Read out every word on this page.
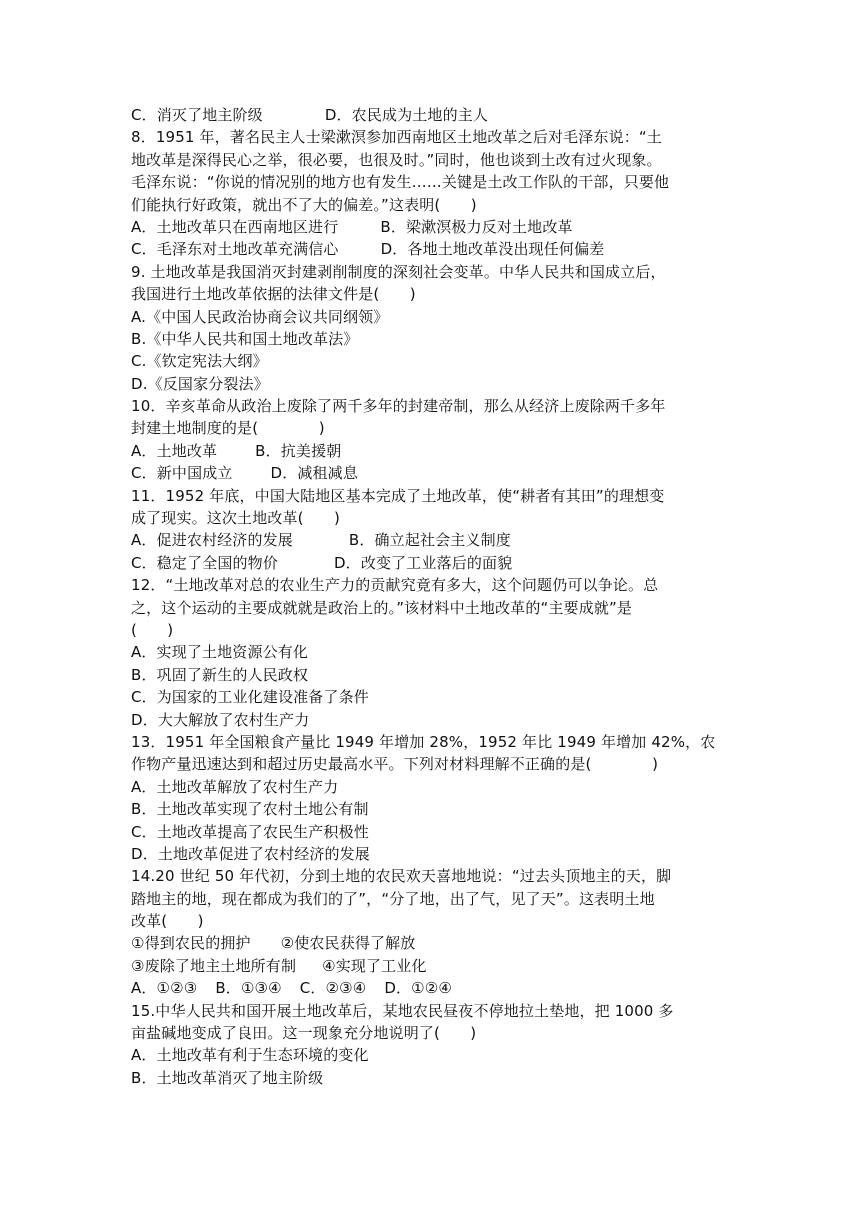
C．消灭了地主阶级	D．农民成为土地的主人
8．1951 年，著名民主人士梁漱溟参加西南地区土地改革之后对毛泽东说：“土
地改革是深得民心之举，很必要，也很及时。”同时，他也谈到土改有过火现象。
毛泽东说：“你说的情况别的地方也有发生……关键是土改工作队的干部，只要他
们能执行好政策，就出不了大的偏差。”这表明(　　)
A．土地改革只在西南地区进行	B．梁漱溟极力反对土地改革
C．毛泽东对土地改革充满信心	D．各地土地改革没出现任何偏差
9. 土地改革是我国消灭封建剥削制度的深刻社会变革。中华人民共和国成立后，
我国进行土地改革依据的法律文件是(　　)
A.《中国人民政治协商会议共同纲领》
B.《中华人民共和国土地改革法》
C.《钦定宪法大纲》
D.《反国家分裂法》
10．辛亥革命从政治上废除了两千多年的封建帝制，那么从经济上废除两千多年
封建土地制度的是(　　　　)
A．土地改革	B．抗美援朝
C．新中国成立	D．减租减息
11．1952 年底，中国大陆地区基本完成了土地改革，使“耕者有其田”的理想变
成了现实。这次土地改革(　　)
A．促进农村经济的发展	B．确立起社会主义制度
C．稳定了全国的物价	D．改变了工业落后的面貌
12．“土地改革对总的农业生产力的贡献究竟有多大，这个问题仍可以争论。总
之，这个运动的主要成就就是政治上的。”该材料中土地改革的“主要成就”是
(　　)
A．实现了土地资源公有化
B．巩固了新生的人民政权
C．为国家的工业化建设准备了条件
D．大大解放了农村生产力
13．1951 年全国粮食产量比 1949 年增加 28%，1952 年比 1949 年增加 42%，农
作物产量迅速达到和超过历史最高水平。下列对材料理解不正确的是(　　　　)
A．土地改革解放了农村生产力
B．土地改革实现了农村土地公有制
C．土地改革提高了农民生产积极性
D．土地改革促进了农村经济的发展
14.20 世纪 50 年代初，分到土地的农民欢天喜地地说：“过去头顶地主的天，脚
踏地主的地，现在都成为我们的了”，“分了地，出了气，见了天”。这表明土地
改革(　　)
①得到农民的拥护 ②使农民获得了解放
③废除了地主土地所有制 ④实现了工业化
A．①②③ B．①③④ C．②③④ D．①②④
15.中华人民共和国开展土地改革后，某地农民昼夜不停地拉土垫地，把 1000 多
亩盐碱地变成了良田。这一现象充分地说明了(　　)
A．土地改革有利于生态环境的变化
B．土地改革消灭了地主阶级
